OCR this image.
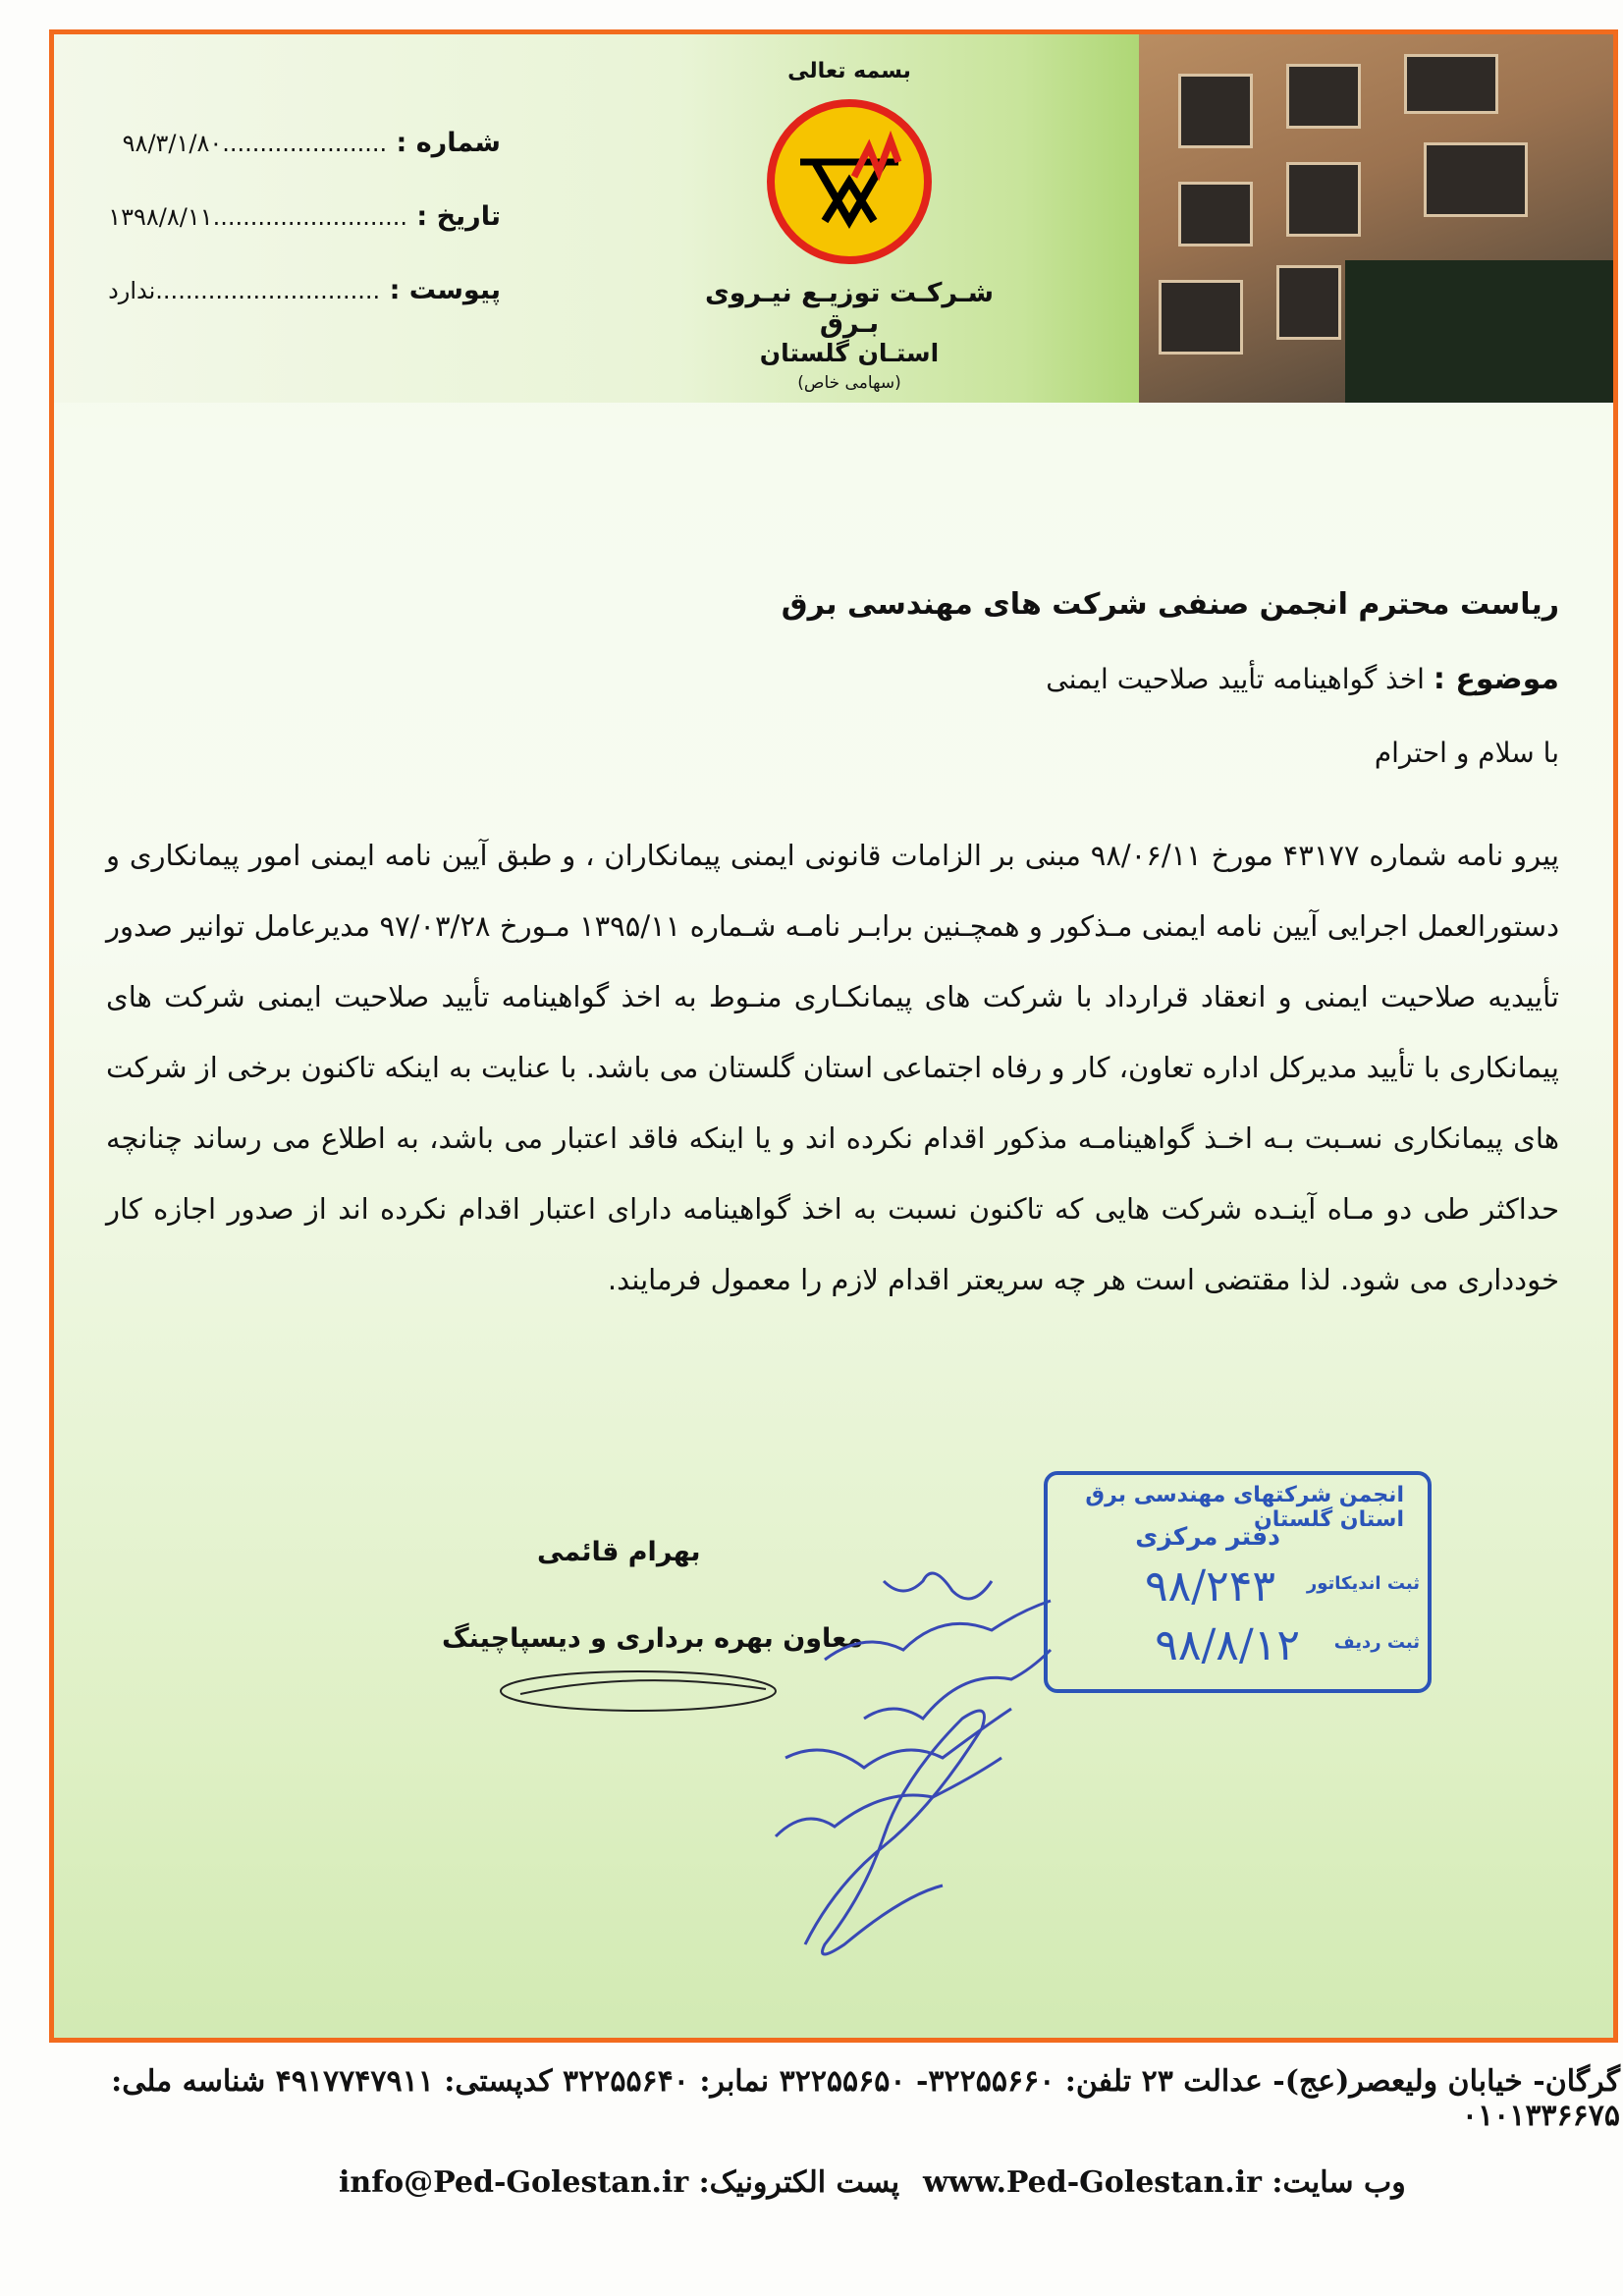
شماره : ......................۹۸/۳/۱/۸۰
تاریخ : ..........................۱۳۹۸/۸/۱۱
پیوست : ..............................ندارد
بسمه تعالی
شـرکـت توزیـع نیـروی بـرق
استـان گلستان
(سهامی خاص)
ریاست محترم انجمن صنفی شرکت های مهندسی برق
موضوع : اخذ گواهینامه تأیید صلاحیت ایمنی
با سلام و احترام
پیرو نامه شماره ۴۳۱۷۷ مورخ ۹۸/۰۶/۱۱ مبنی بر الزامات قانونی ایمنی پیمانکاران ، و طبق آیین نامه ایمنی امور پیمانکاری و دستورالعمل اجرایی آیین نامه ایمنی مـذکور و همچـنین برابـر نامـه شـماره ۱۳۹۵/۱۱ مـورخ ۹۷/۰۳/۲۸ مدیرعامل توانیر صدور تأییدیه صلاحیت ایمنی و انعقاد قرارداد با شرکت های پیمانکـاری منـوط به اخذ گواهینامه تأیید صلاحیت ایمنی شرکت های پیمانکاری با تأیید مدیرکل اداره تعاون، کار و رفاه اجتماعی استان گلستان می باشد. با عنایت به اینکه تاکنون برخی از شرکت های پیمانکاری نسـبت بـه اخـذ گواهینامـه مذکور اقدام نکرده اند و یا اینکه فاقد اعتبار می باشد، به اطلاع می رساند چنانچه حداکثر طی دو مـاه آینـده شرکت هایی که تاکنون نسبت به اخذ گواهینامه دارای اعتبار اقدام نکرده اند از صدور اجازه کار خودداری می شود. لذا مقتضی است هر چه سریعتر اقدام لازم را معمول فرمایند.
بهرام قائمی
معاون بهره برداری و دیسپاچینگ
انجمن شرکتهای مهندسی برق استان گلستان
دفتر مرکزی
ثبت اندیکاتور
۹۸/۲۴۳
ثبت ردیف
۹۸/۸/۱۲
گرگان- خیابان ولیعصر(عج)- عدالت ۲۳ تلفن: ۳۲۲۵۵۶۶۰- ۳۲۲۵۵۶۵۰ نمابر: ۳۲۲۵۵۶۴۰ کدپستی: ۴۹۱۷۷۴۷۹۱۱ شناسه ملی: ۰۱۰۱۳۳۶۶۷۵
وب سایت: www.Ped-Golestan.ir
پست الکترونیک: info@Ped-Golestan.ir
